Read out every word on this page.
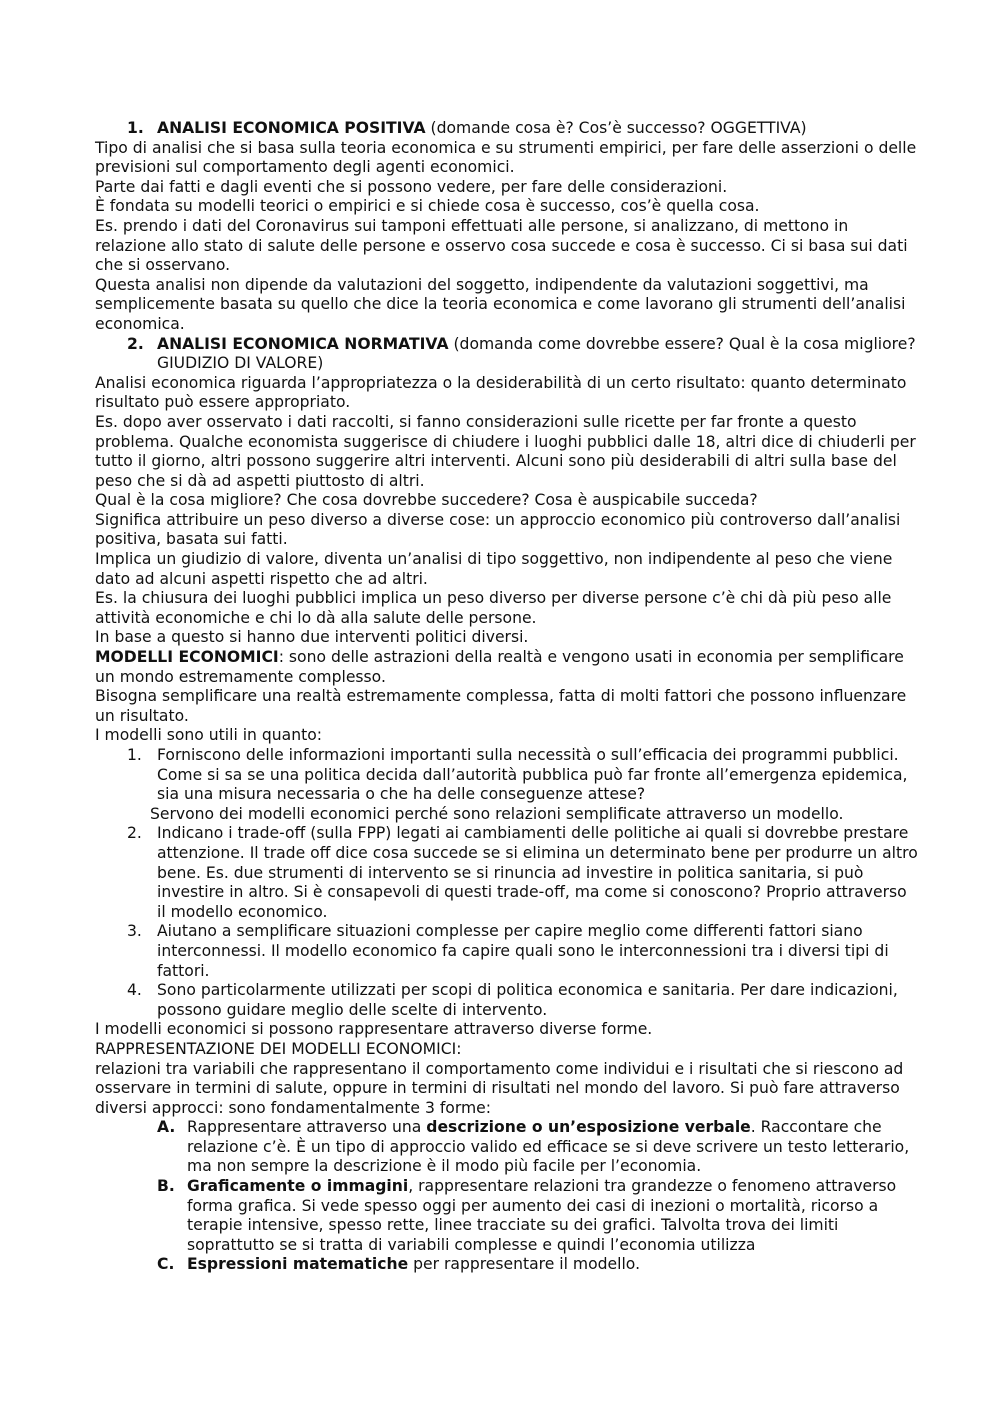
1. ANALISI ECONOMICA POSITIVA (domande cosa è? Cos’è successo? OGGETTIVA)

Tipo di analisi che si basa sulla teoria economica e su strumenti empirici, per fare delle asserzioni o delle previsioni sul comportamento degli agenti economici.

Parte dai fatti e dagli eventi che si possono vedere, per fare delle considerazioni.

È fondata su modelli teorici o empirici e si chiede cosa è successo, cos’è quella cosa.

Es. prendo i dati del Coronavirus sui tamponi effettuati alle persone, si analizzano, di mettono in relazione allo stato di salute delle persone e osservo cosa succede e cosa è successo. Ci si basa sui dati che si osservano.

Questa analisi non dipende da valutazioni del soggetto, indipendente da valutazioni soggettivi, ma semplicemente basata su quello che dice la teoria economica e come lavorano gli strumenti dell’analisi economica.

2. ANALISI ECONOMICA NORMATIVA (domanda come dovrebbe essere? Qual è la cosa migliore? GIUDIZIO DI VALORE)

Analisi economica riguarda l’appropriatezza o la desiderabilità di un certo risultato: quanto determinato risultato può essere appropriato.

Es. dopo aver osservato i dati raccolti, si fanno considerazioni sulle ricette per far fronte a questo problema. Qualche economista suggerisce di chiudere i luoghi pubblici dalle 18, altri dice di chiuderli per tutto il giorno, altri possono suggerire altri interventi. Alcuni sono più desiderabili di altri sulla base del peso che si dà ad aspetti piuttosto di altri.

Qual è la cosa migliore? Che cosa dovrebbe succedere? Cosa è auspicabile succeda?

Significa attribuire un peso diverso a diverse cose: un approccio economico più controverso dall’analisi positiva, basata sui fatti.

Implica un giudizio di valore, diventa un’analisi di tipo soggettivo, non indipendente al peso che viene dato ad alcuni aspetti rispetto che ad altri.

Es. la chiusura dei luoghi pubblici implica un peso diverso per diverse persone c’è chi dà più peso alle attività economiche e chi lo dà alla salute delle persone.

In base a questo si hanno due interventi politici diversi.

MODELLI ECONOMICI: sono delle astrazioni della realtà e vengono usati in economia per semplificare un mondo estremamente complesso.

Bisogna semplificare una realtà estremamente complessa, fatta di molti fattori che possono influenzare un risultato.

I modelli sono utili in quanto:

1. Forniscono delle informazioni importanti sulla necessità o sull’efficacia dei programmi pubblici. Come si sa se una politica decida dall’autorità pubblica può far fronte all’emergenza epidemica, sia una misura necessaria o che ha delle conseguenze attese?

Servono dei modelli economici perché sono relazioni semplificate attraverso un modello.

2. Indicano i trade-off (sulla FPP) legati ai cambiamenti delle politiche ai quali si dovrebbe prestare attenzione. Il trade off dice cosa succede se si elimina un determinato bene per produrre un altro bene. Es. due strumenti di intervento se si rinuncia ad investire in politica sanitaria, si può investire in altro. Si è consapevoli di questi trade-off, ma come si conoscono? Proprio attraverso il modello economico.
3. Aiutano a semplificare situazioni complesse per capire meglio come differenti fattori siano interconnessi. Il modello economico fa capire quali sono le interconnessioni tra i diversi tipi di fattori.
4. Sono particolarmente utilizzati per scopi di politica economica e sanitaria. Per dare indicazioni, possono guidare meglio delle scelte di intervento.

I modelli economici si possono rappresentare attraverso diverse forme.

RAPPRESENTAZIONE DEI MODELLI ECONOMICI:

relazioni tra variabili che rappresentano il comportamento come individui e i risultati che si riescono ad osservare in termini di salute, oppure in termini di risultati nel mondo del lavoro. Si può fare attraverso diversi approcci: sono fondamentalmente 3 forme:

A. Rappresentare attraverso una descrizione o un’esposizione verbale. Raccontare che relazione c’è. È un tipo di approccio valido ed efficace se si deve scrivere un testo letterario, ma non sempre la descrizione è il modo più facile per l’economia.
B. Graficamente o immagini, rappresentare relazioni tra grandezze o fenomeno attraverso forma grafica. Si vede spesso oggi per aumento dei casi di inezioni o mortalità, ricorso a terapie intensive, spesso rette, linee tracciate su dei grafici. Talvolta trova dei limiti soprattutto se si tratta di variabili complesse e quindi l’economia utilizza
C. Espressioni matematiche per rappresentare il modello.
